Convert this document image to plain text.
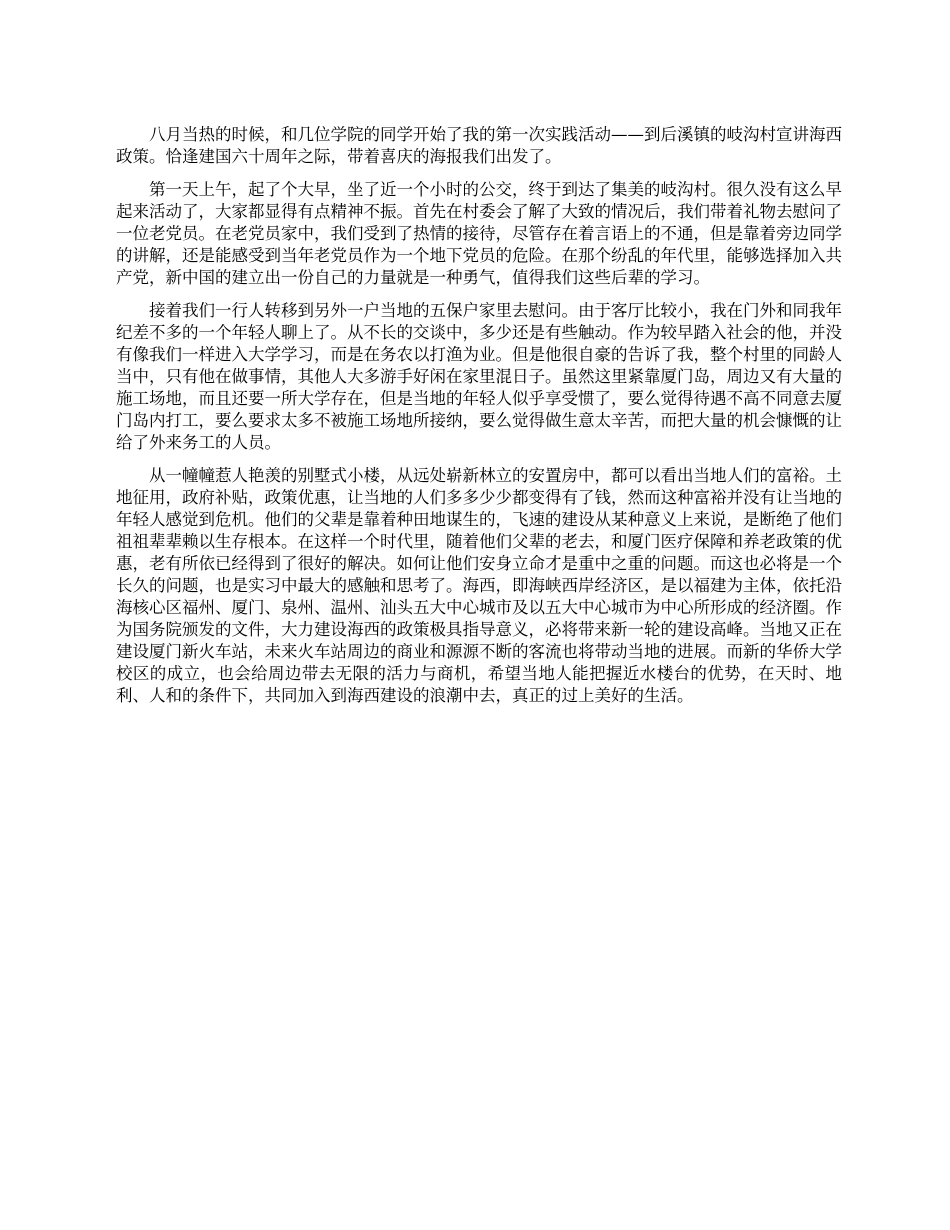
八月当热的时候，和几位学院的同学开始了我的第一次实践活动——到后溪镇的岐沟村宣讲海西政策。恰逢建国六十周年之际，带着喜庆的海报我们出发了。

第一天上午，起了个大早，坐了近一个小时的公交，终于到达了集美的岐沟村。很久没有这么早起来活动了，大家都显得有点精神不振。首先在村委会了解了大致的情况后，我们带着礼物去慰问了一位老党员。在老党员家中，我们受到了热情的接待，尽管存在着言语上的不通，但是靠着旁边同学的讲解，还是能感受到当年老党员作为一个地下党员的危险。在那个纷乱的年代里，能够选择加入共产党，新中国的建立出一份自己的力量就是一种勇气，值得我们这些后辈的学习。

接着我们一行人转移到另外一户当地的五保户家里去慰问。由于客厅比较小，我在门外和同我年纪差不多的一个年轻人聊上了。从不长的交谈中，多少还是有些触动。作为较早踏入社会的他，并没有像我们一样进入大学学习，而是在务农以打渔为业。但是他很自豪的告诉了我，整个村里的同龄人当中，只有他在做事情，其他人大多游手好闲在家里混日子。虽然这里紧靠厦门岛，周边又有大量的施工场地，而且还要一所大学存在，但是当地的年轻人似乎享受惯了，要么觉得待遇不高不同意去厦门岛内打工，要么要求太多不被施工场地所接纳，要么觉得做生意太辛苦，而把大量的机会慷慨的让给了外来务工的人员。

从一幢幢惹人艳羡的别墅式小楼，从远处崭新林立的安置房中，都可以看出当地人们的富裕。土地征用，政府补贴，政策优惠，让当地的人们多多少少都变得有了钱，然而这种富裕并没有让当地的年轻人感觉到危机。他们的父辈是靠着种田地谋生的，飞速的建设从某种意义上来说，是断绝了他们祖祖辈辈赖以生存根本。在这样一个时代里，随着他们父辈的老去，和厦门医疗保障和养老政策的优惠，老有所依已经得到了很好的解决。如何让他们安身立命才是重中之重的问题。而这也必将是一个长久的问题，也是实习中最大的感触和思考了。海西，即海峡西岸经济区，是以福建为主体，依托沿海核心区福州、厦门、泉州、温州、汕头五大中心城市及以五大中心城市为中心所形成的经济圈。作为国务院颁发的文件，大力建设海西的政策极具指导意义，必将带来新一轮的建设高峰。当地又正在建设厦门新火车站，未来火车站周边的商业和源源不断的客流也将带动当地的进展。而新的华侨大学校区的成立，也会给周边带去无限的活力与商机，希望当地人能把握近水楼台的优势，在天时、地利、人和的条件下，共同加入到海西建设的浪潮中去，真正的过上美好的生活。
